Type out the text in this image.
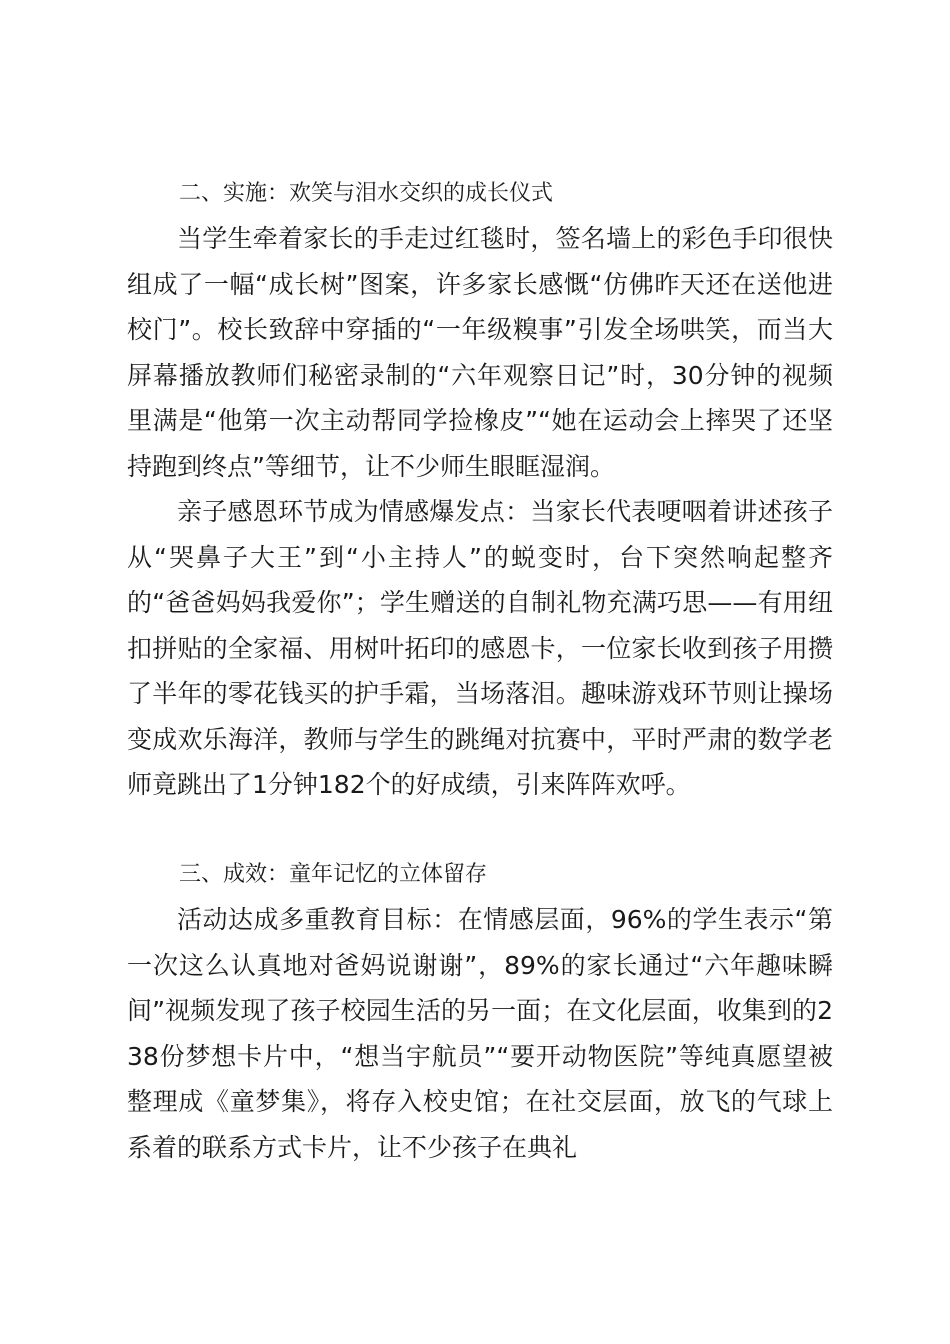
二、实施：欢笑与泪水交织的成长仪式

当学生牵着家长的手走过红毯时，签名墙上的彩色手印很快组成了一幅“成长树”图案，许多家长感慨“仿佛昨天还在送他进校门”。校长致辞中穿插的“一年级糗事”引发全场哄笑，而当大屏幕播放教师们秘密录制的“六年观察日记”时，30分钟的视频里满是“他第一次主动帮同学捡橡皮”“她在运动会上摔哭了还坚持跑到终点”等细节，让不少师生眼眶湿润。

亲子感恩环节成为情感爆发点：当家长代表哽咽着讲述孩子从“哭鼻子大王”到“小主持人”的蜕变时，台下突然响起整齐的“爸爸妈妈我爱你”；学生赠送的自制礼物充满巧思——有用纽扣拼贴的全家福、用树叶拓印的感恩卡，一位家长收到孩子用攒了半年的零花钱买的护手霜，当场落泪。趣味游戏环节则让操场变成欢乐海洋，教师与学生的跳绳对抗赛中，平时严肃的数学老师竟跳出了1分钟182个的好成绩，引来阵阵欢呼。

三、成效：童年记忆的立体留存

活动达成多重教育目标：在情感层面，96%的学生表示“第一次这么认真地对爸妈说谢谢”，89%的家长通过“六年趣味瞬间”视频发现了孩子校园生活的另一面；在文化层面，收集到的238份梦想卡片中，“想当宇航员”“要开动物医院”等纯真愿望被整理成《童梦集》，将存入校史馆；在社交层面，放飞的气球上系着的联系方式卡片，让不少孩子在典礼
